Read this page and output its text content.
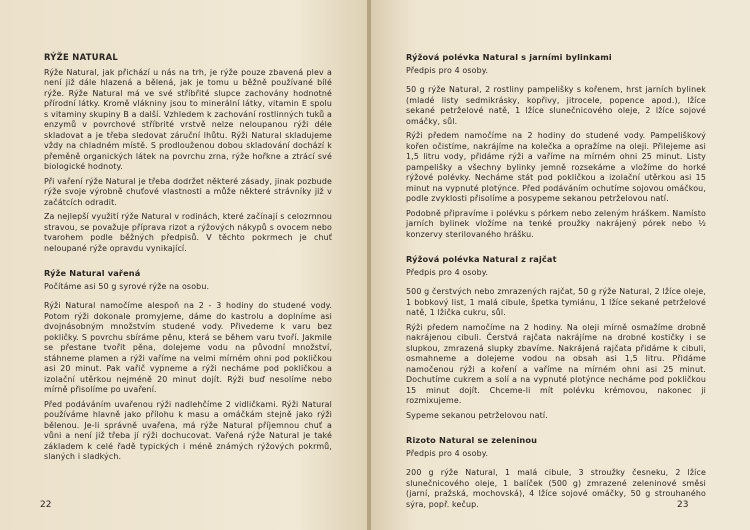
RÝŽE NATURAL

Rýže Natural, jak přichází u nás na trh, je rýže pouze zbavená plev a není již dále hlazená a bělená, jak je tomu u běžně používané bílé rýže. Rýže Natural má ve své stříbřité slupce zachovány hodnotné přírodní látky. Kromě vlákniny jsou to minerální látky, vitamin E spolu s vitaminy skupiny B a další. Vzhledem k zachování rostlinných tuků a enzymů v povrchové stříbrité vrstvě nelze neloupanou rýži déle skladovat a je třeba sledovat záruční lhůtu. Rýži Natural skladujeme vždy na chladném místě. S prodlouženou dobou skladování dochází k přeměně organických látek na povrchu zrna, rýže hořkne a ztrácí své biologické hodnoty.

Při vaření rýže Natural je třeba dodržet některé zásady, jinak pozbude rýže svoje výrobně chuťové vlastnosti a může některé strávníky již v začátcích odradit.

Za nejlepší využití rýže Natural v rodinách, které začínají s celozrnnou stravou, se považuje příprava rizot a rýžových nákypů s ovocem nebo tvarohem podle běžných předpisů. V těchto pokrmech je chuť neloupané rýže opravdu vynikající.

Rýže Natural vařená

Počítáme asi 50 g syrové rýže na osobu.

Rýži Natural namočíme alespoň na 2 - 3 hodiny do studené vody. Potom rýži dokonale promyjeme, dáme do kastrolu a doplníme asi dvojnásobným množstvím studené vody. Přivedeme k varu bez pokličky. S povrchu sbíráme pěnu, která se během varu tvoří. Jakmile se přestane tvořit pěna, dolejeme vodu na původní množství, stáhneme plamen a rýži vaříme na velmi mírném ohni pod pokličkou asi 20 minut. Pak vařič vypneme a rýži necháme pod pokličkou a izolační utěrkou nejméně 20 minut dojít. Rýži buď nesolíme nebo mírně přisolíme po uvaření.

Před podáváním uvařenou rýži nadlehčíme 2 vidličkami. Rýži Natural používáme hlavně jako přílohu k masu a omáčkám stejně jako rýži bělenou. Je-li správně uvařena, má rýže Natural příjemnou chuť a vůni a není již třeba jí rýži dochucovat. Vařená rýže Natural je také základem k celé řadě typických i méně známých rýžových pokrmů, slaných i sladkých.

22
Rýžová polévka Natural s jarními bylinkami

Předpis pro 4 osoby.

50 g rýže Natural, 2 rostliny pampelišky s kořenem, hrst jarních bylinek (mladé listy sedmikrásky, kopřivy, jitrocele, popence apod.), lžíce sekané petrželové natě, 1 lžíce slunečnicového oleje, 2 lžíce sojové omáčky, sůl.

Rýži předem namočíme na 2 hodiny do studené vody. Pampeliškový kořen očistíme, nakrájíme na kolečka a opražíme na oleji. Přilejeme asi 1,5 litru vody, přidáme rýži a vaříme na mírném ohni 25 minut. Listy pampelišky a všechny bylinky jemně rozsekáme a vložíme do horké rýžové polévky. Necháme stát pod pokličkou a izolační utěrkou asi 15 minut na vypnuté plotýnce. Před podáváním ochutíme sojovou omáčkou, podle zvyklosti přisolíme a posypeme sekanou petrželovou natí.

Podobně připravíme i polévku s pórkem nebo zeleným hráškem. Namísto jarních bylinek vložíme na tenké proužky nakrájený pórek nebo ½ konzervy sterilovaného hrášku.

Rýžová polévka Natural z rajčat

Předpis pro 4 osoby.

500 g čerstvých nebo zmrazených rajčat, 50 g rýže Natural, 2 lžíce oleje, 1 bobkový list, 1 malá cibule, špetka tymiánu, 1 lžíce sekané petrželové natě, 1 lžička cukru, sůl.

Rýži předem namočíme na 2 hodiny. Na oleji mírně osmažíme drobně nakrájenou cibuli. Čerstvá rajčata nakrájíme na drobné kostičky i se slupkou, zmrazená slupky zbavíme. Nakrájená rajčata přidáme k cibuli, osmahneme a dolejeme vodou na obsah asi 1,5 litru. Přidáme namočenou rýži a koření a vaříme na mírném ohni asi 25 minut. Dochutíme cukrem a solí a na vypnuté plotýnce necháme pod pokličkou 15 minut dojít. Chceme-li mít polévku krémovou, nakonec ji rozmixujeme.

Sypeme sekanou petrželovou natí.

Rizoto Natural se zeleninou

Předpis pro 4 osoby.

200 g rýže Natural, 1 malá cibule, 3 stroužky česneku, 2 lžíce slunečnicového oleje, 1 balíček (500 g) zmrazené zeleninové směsi (jarní, pražská, mochovská), 4 lžíce sojové omáčky, 50 g strouhaného sýra, popř. kečup.	23
